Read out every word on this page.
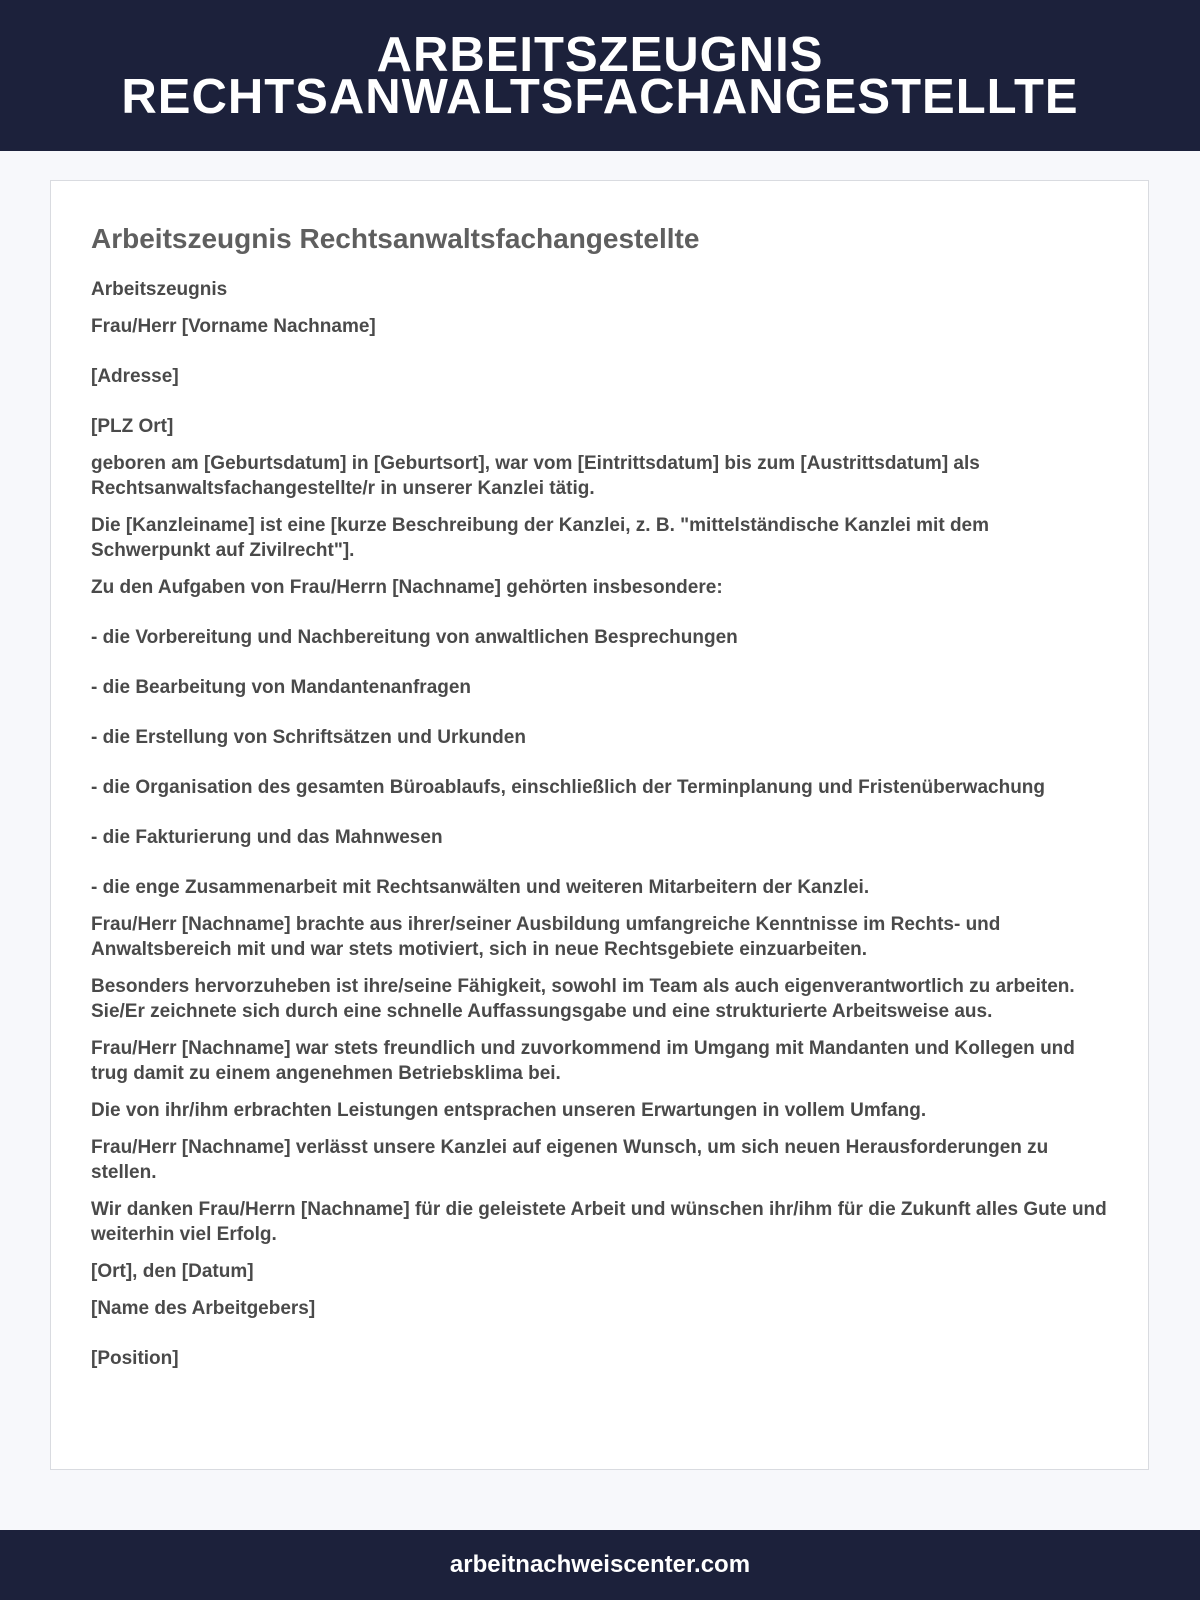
ARBEITSZEUGNIS
RECHTSANWALTSFACHANGESTELLTE
Arbeitszeugnis Rechtsanwaltsfachangestellte

Arbeitszeugnis

Frau/Herr [Vorname Nachname]

[Adresse]

[PLZ Ort]

geboren am [Geburtsdatum] in [Geburtsort], war vom [Eintrittsdatum] bis zum [Austrittsdatum] als Rechtsanwaltsfachangestellte/r in unserer Kanzlei tätig.

Die [Kanzleiname] ist eine [kurze Beschreibung der Kanzlei, z. B. "mittelständische Kanzlei mit dem Schwerpunkt auf Zivilrecht"].

Zu den Aufgaben von Frau/Herrn [Nachname] gehörten insbesondere:

- die Vorbereitung und Nachbereitung von anwaltlichen Besprechungen

- die Bearbeitung von Mandantenanfragen

- die Erstellung von Schriftsätzen und Urkunden

- die Organisation des gesamten Büroablaufs, einschließlich der Terminplanung und Fristenüberwachung

- die Fakturierung und das Mahnwesen

- die enge Zusammenarbeit mit Rechtsanwälten und weiteren Mitarbeitern der Kanzlei.

Frau/Herr [Nachname] brachte aus ihrer/seiner Ausbildung umfangreiche Kenntnisse im Rechts- und Anwaltsbereich mit und war stets motiviert, sich in neue Rechtsgebiete einzuarbeiten.

Besonders hervorzuheben ist ihre/seine Fähigkeit, sowohl im Team als auch eigenverantwortlich zu arbeiten. Sie/Er zeichnete sich durch eine schnelle Auffassungsgabe und eine strukturierte Arbeitsweise aus.

Frau/Herr [Nachname] war stets freundlich und zuvorkommend im Umgang mit Mandanten und Kollegen und trug damit zu einem angenehmen Betriebsklima bei.

Die von ihr/ihm erbrachten Leistungen entsprachen unseren Erwartungen in vollem Umfang.

Frau/Herr [Nachname] verlässt unsere Kanzlei auf eigenen Wunsch, um sich neuen Herausforderungen zu stellen.

Wir danken Frau/Herrn [Nachname] für die geleistete Arbeit und wünschen ihr/ihm für die Zukunft alles Gute und weiterhin viel Erfolg.

[Ort], den [Datum]

[Name des Arbeitgebers]

[Position]

arbeitnachweiscenter.com
